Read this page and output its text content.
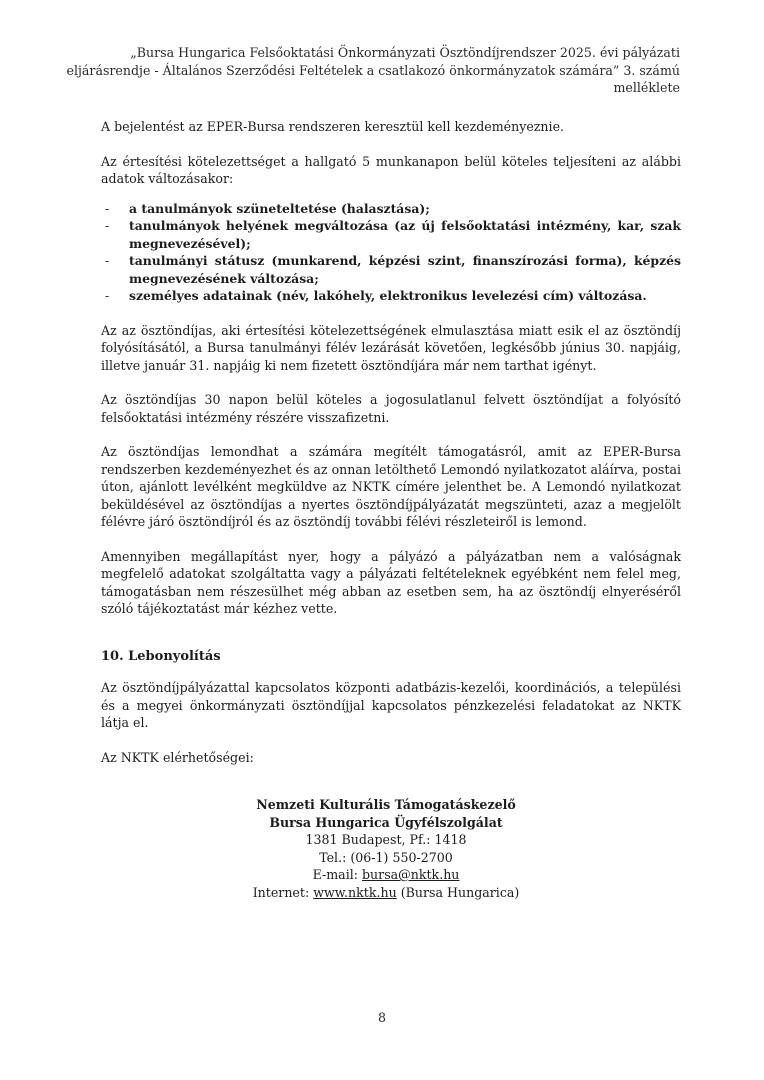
„Bursa Hungarica Felsőoktatási Önkormányzati Ösztöndíjrendszer 2025. évi pályázati
eljárásrendje - Általános Szerződési Feltételek a csatlakozó önkormányzatok számára” 3. számú
melléklete

A bejelentést az EPER-Bursa rendszeren keresztül kell kezdeményeznie.

Az értesítési kötelezettséget a hallgató 5 munkanapon belül köteles teljesíteni az alábbi adatok változásakor:

- a tanulmányok szüneteltetése (halasztása);
- tanulmányok helyének megváltozása (az új felsőoktatási intézmény, kar, szak megnevezésével);
- tanulmányi státusz (munkarend, képzési szint, finanszírozási forma), képzés megnevezésének változása;
- személyes adatainak (név, lakóhely, elektronikus levelezési cím) változása.

Az az ösztöndíjas, aki értesítési kötelezettségének elmulasztása miatt esik el az ösztöndíj folyósításától, a Bursa tanulmányi félév lezárását követően, legkésőbb június 30. napjáig, illetve január 31. napjáig ki nem fizetett ösztöndíjára már nem tarthat igényt.

Az ösztöndíjas 30 napon belül köteles a jogosulatlanul felvett ösztöndíjat a folyósító felsőoktatási intézmény részére visszafizetni.

Az ösztöndíjas lemondhat a számára megítélt támogatásról, amit az EPER-Bursa rendszerben kezdeményezhet és az onnan letölthető Lemondó nyilatkozatot aláírva, postai úton, ajánlott levélként megküldve az NKTK címére jelenthet be. A Lemondó nyilatkozat beküldésével az ösztöndíjas a nyertes ösztöndíjpályázatát megszünteti, azaz a megjelölt félévre járó ösztöndíjról és az ösztöndíj további félévi részleteiről is lemond.

Amennyiben megállapítást nyer, hogy a pályázó a pályázatban nem a valóságnak megfelelő adatokat szolgáltatta vagy a pályázati feltételeknek egyébként nem felel meg, támogatásban nem részesülhet még abban az esetben sem, ha az ösztöndíj elnyeréséről szóló tájékoztatást már kézhez vette.

10. Lebonyolítás

Az ösztöndíjpályázattal kapcsolatos központi adatbázis-kezelői, koordinációs, a települési és a megyei önkormányzati ösztöndíjjal kapcsolatos pénzkezelési feladatokat az NKTK látja el.

Az NKTK elérhetőségei:

Nemzeti Kulturális Támogatáskezelő
Bursa Hungarica Ügyfélszolgálat
1381 Budapest, Pf.: 1418
Tel.: (06-1) 550-2700
E-mail: bursa@nktk.hu
Internet: www.nktk.hu (Bursa Hungarica)
8
